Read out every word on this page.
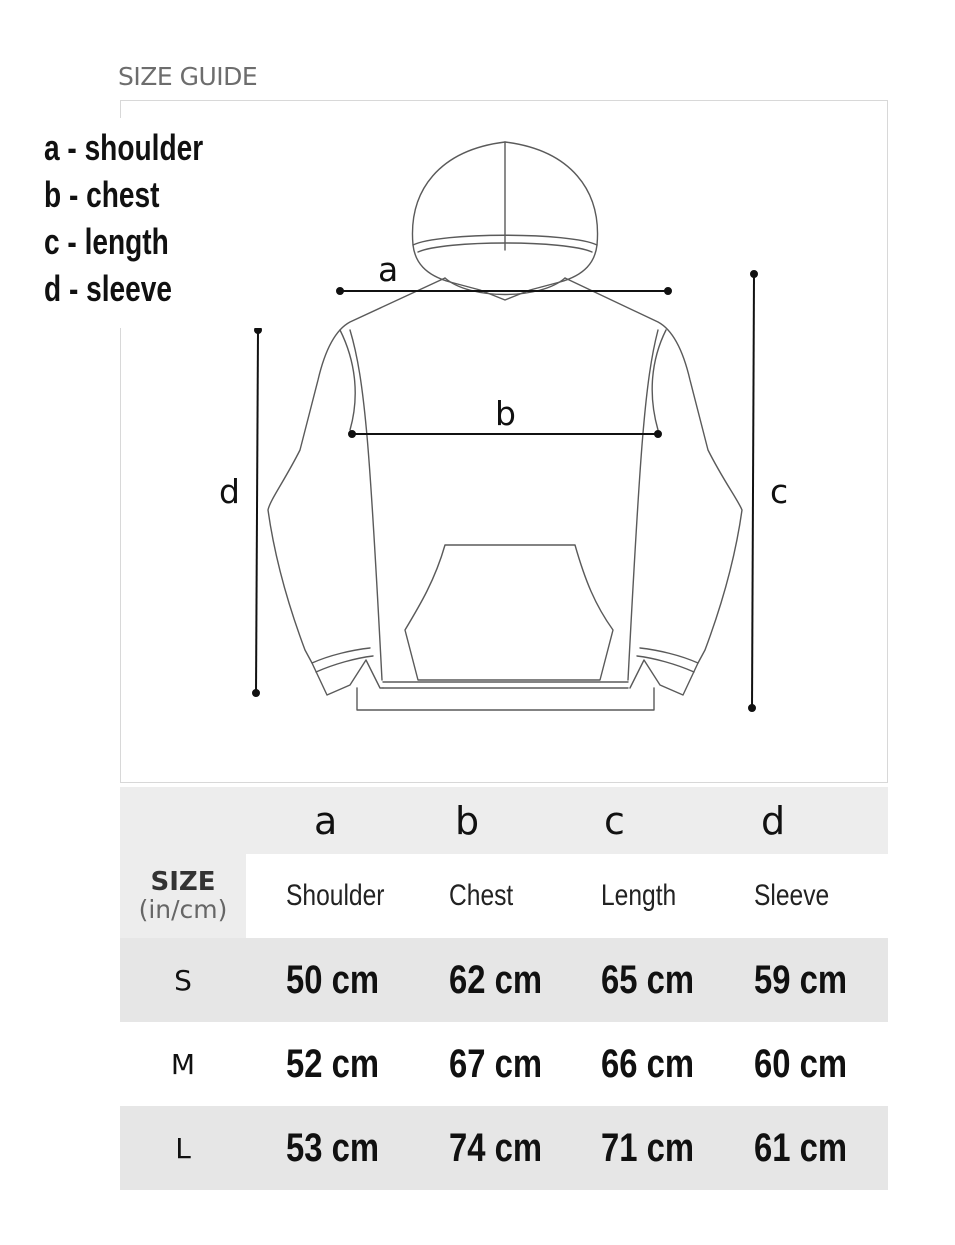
SIZE GUIDE
a
b
d	c
a - shoulder
b - chest
c - length
d - sleeve
	a	b	c	d

SIZE
(in/cm)	Shoulder	Chest	Length	Sleeve
S	50 cm	62 cm	65 cm	59 cm
M	52 cm	67 cm	66 cm	60 cm
L	53 cm	74 cm	71 cm	61 cm
